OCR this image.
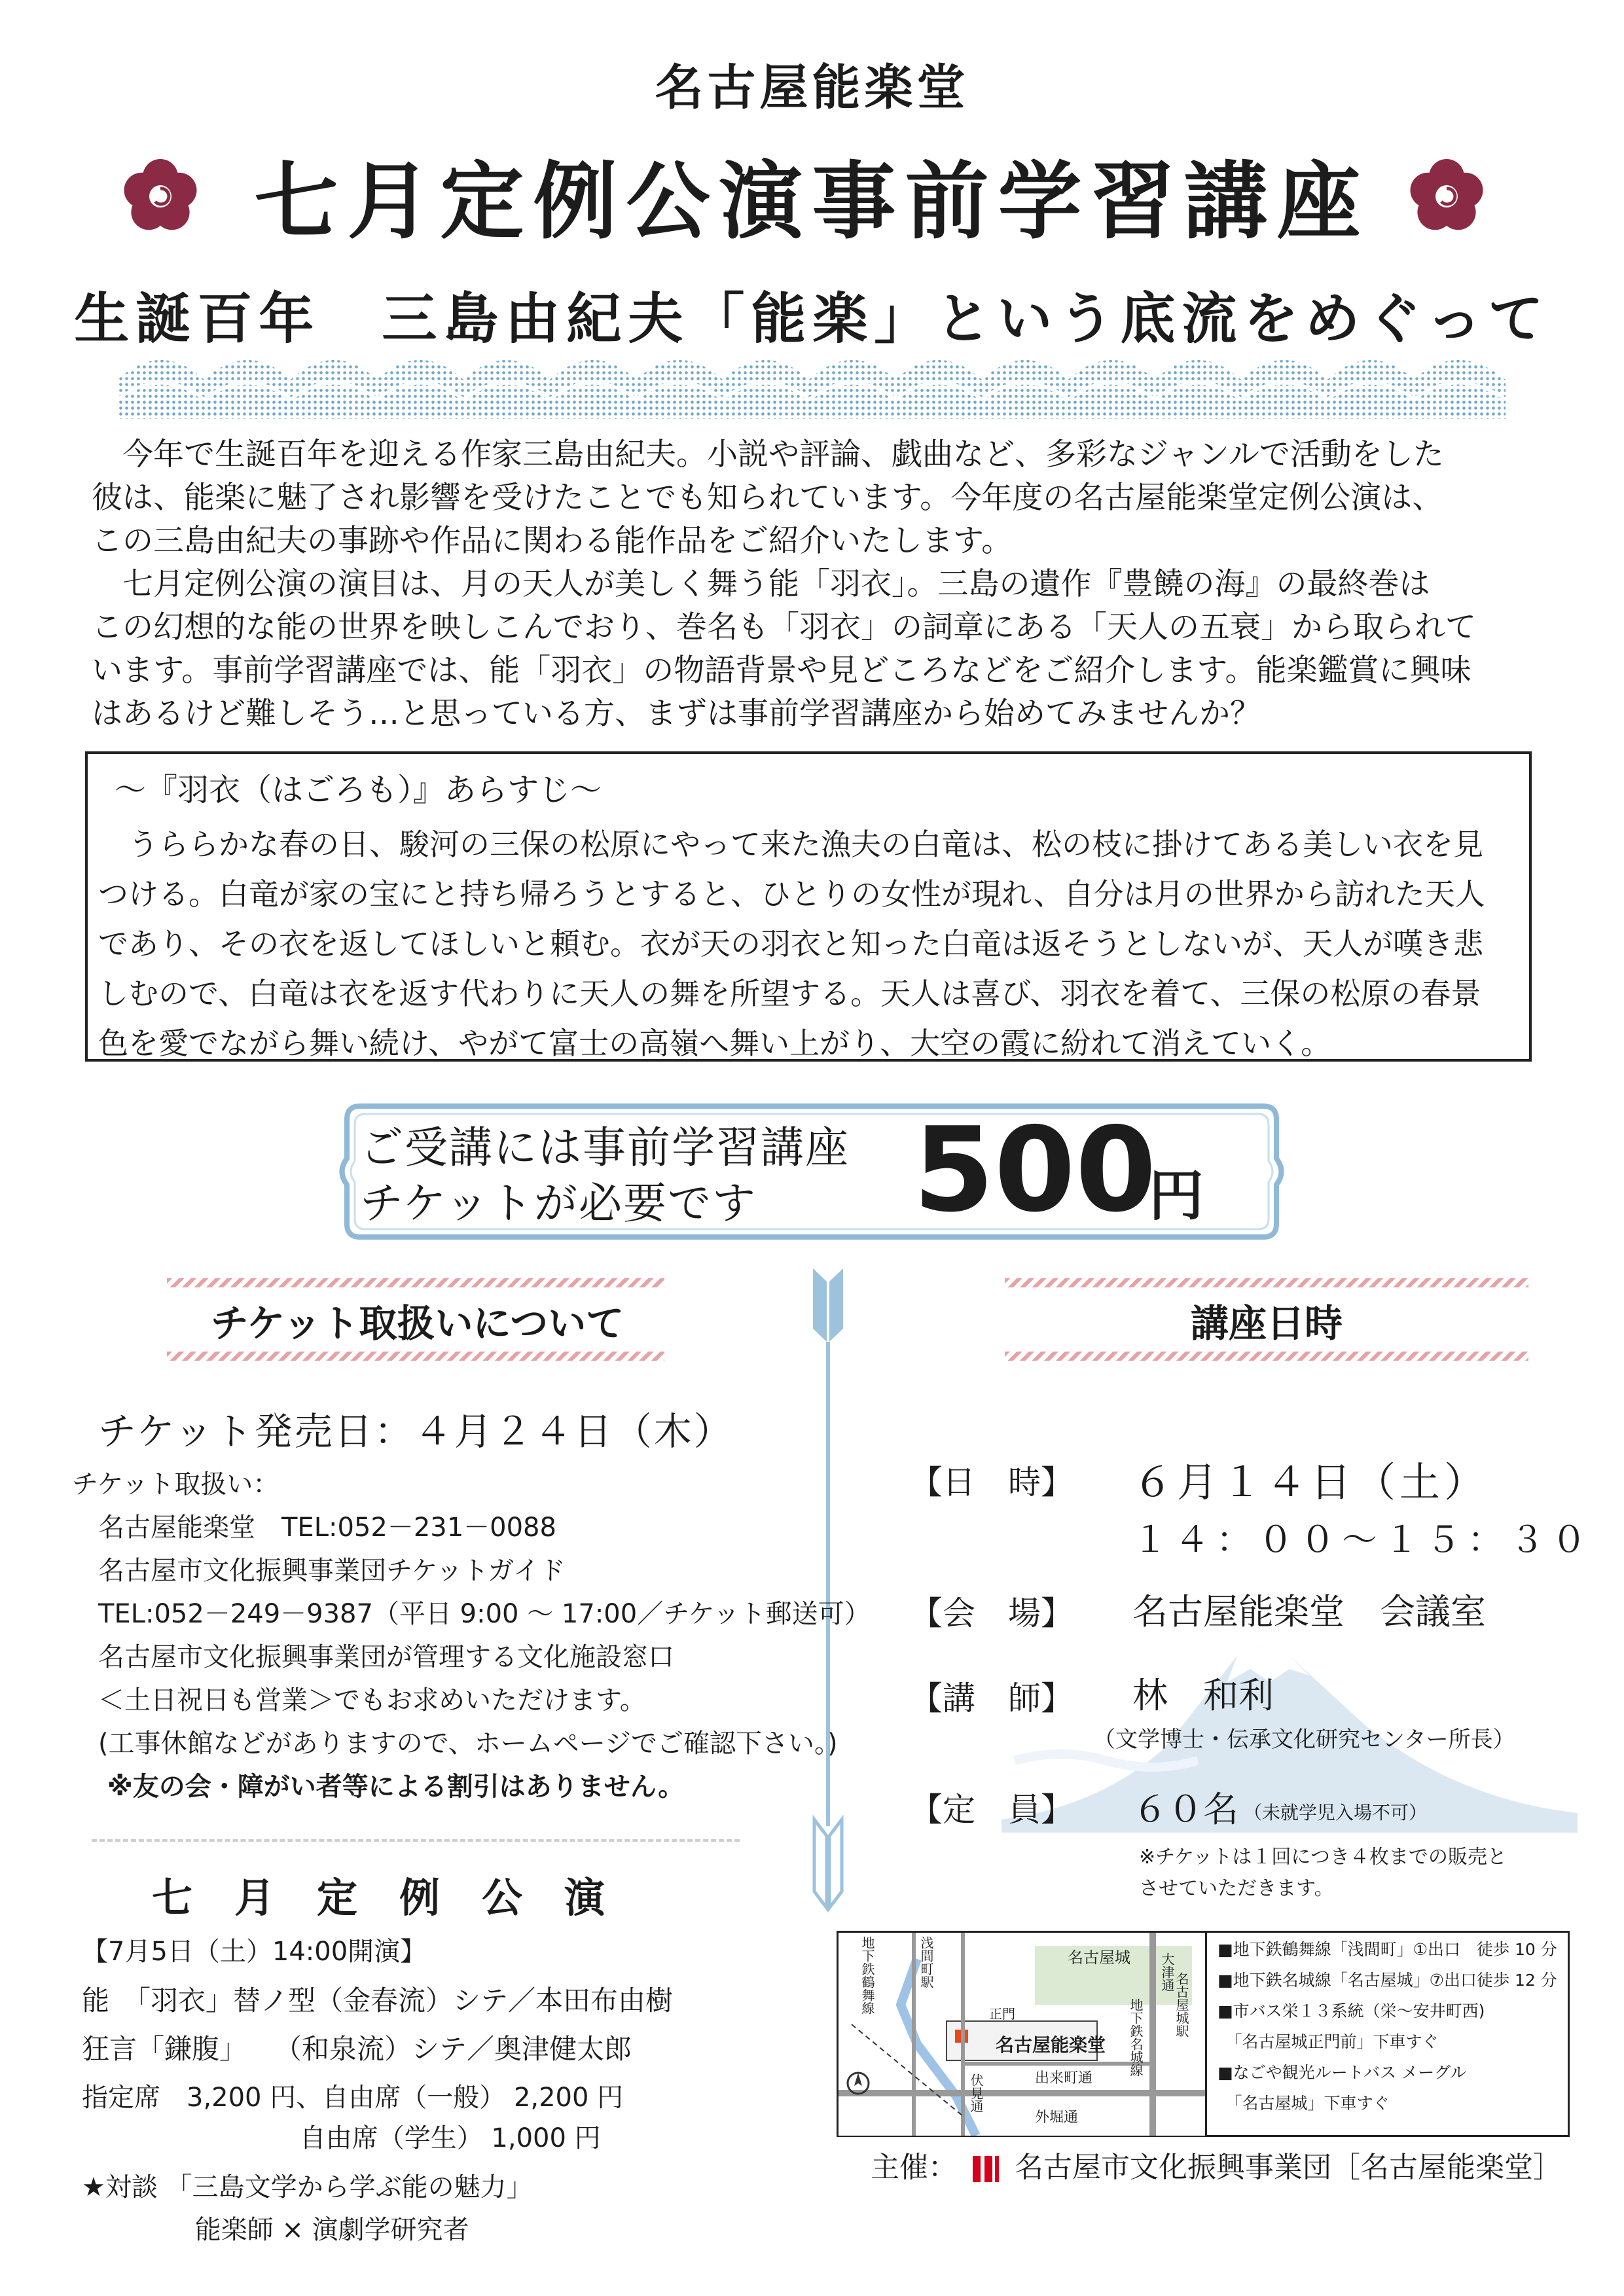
名古屋能楽堂
七月定例公演事前学習講座
生誕百年　三島由紀夫「能楽」という底流をめぐって

　今年で生誕百年を迎える作家三島由紀夫。小説や評論、戯曲など、多彩なジャンルで活動をした

彼は、能楽に魅了され影響を受けたことでも知られています。今年度の名古屋能楽堂定例公演は、

この三島由紀夫の事跡や作品に関わる能作品をご紹介いたします。

　七月定例公演の演目は、月の天人が美しく舞う能「羽衣」。三島の遺作『豊饒の海』の最終巻は

この幻想的な能の世界を映しこんでおり、巻名も「羽衣」の詞章にある「天人の五衰」から取られて

います。事前学習講座では、能「羽衣」の物語背景や見どころなどをご紹介します。能楽鑑賞に興味

はあるけど難しそう…と思っている方、まずは事前学習講座から始めてみませんか？

～『羽衣（はごろも）』あらすじ～
　うららかな春の日、駿河の三保の松原にやって来た漁夫の白竜は、松の枝に掛けてある美しい衣を見
つける。白竜が家の宝にと持ち帰ろうとすると、ひとりの女性が現れ、自分は月の世界から訪れた天人
であり、その衣を返してほしいと頼む。衣が天の羽衣と知った白竜は返そうとしないが、天人が嘆き悲
しむので、白竜は衣を返す代わりに天人の舞を所望する。天人は喜び、羽衣を着て、三保の松原の春景
色を愛でながら舞い続け、やがて富士の高嶺へ舞い上がり、大空の霞に紛れて消えていく。
ご受講には事前学習講座
チケットが必要です 500
円
チケット取扱いについて
チケット発売日：４月２４日（木）
チケット取扱い：
　名古屋能楽堂　TEL:052－231－0088
　名古屋市文化振興事業団チケットガイド
　TEL:052－249－9387（平日 9:00 ～ 17:00／チケット郵送可）
　名古屋市文化振興事業団が管理する文化施設窓口
　＜土日祝日も営業＞でもお求めいただけます。
　(工事休館などがありますので、ホームページでご確認下さい。)
　 ※友の会・障がい者等による割引はありません。
講座日時
【日　時】 ６月１４日（土）
１４：００～１５：３０
【会　場】 名古屋能楽堂　会議室
【講　師】 林　和利
（文学博士・伝承文化研究センター所長）
【定　員】 ６０名 （未就学児入場不可）
※チケットは１回につき４枚までの販売と
させていただきます。
七月定例公演
【7月5日（土）14:00開演】
能　「羽衣」替ノ型（金春流）シテ／本田布由樹
狂言「鎌腹」　　（和泉流）シテ／奥津健太郎
指定席　3,200 円、自由席（一般） 2,200 円
　　　　　　　　 自由席（学生） 1,000 円
★対談 「三島文学から学ぶ能の魅力」
　　　　 能楽師 × 演劇学研究者
名古屋城
名古屋能楽堂
正門
出来町通
外堀通
伏見通
大津通
浅間町駅
地下鉄鶴舞線
地下鉄名城線 名古屋城駅
■地下鉄鶴舞線「浅間町」①出口　徒歩 10 分
■地下鉄名城線「名古屋城」⑦出口徒歩 12 分
■市バス栄１３系統（栄～安井町西)
　「名古屋城正門前」下車すぐ
■なごや観光ルートバス メーグル
　「名古屋城」下車すぐ
主催： 名古屋市文化振興事業団［名古屋能楽堂］
